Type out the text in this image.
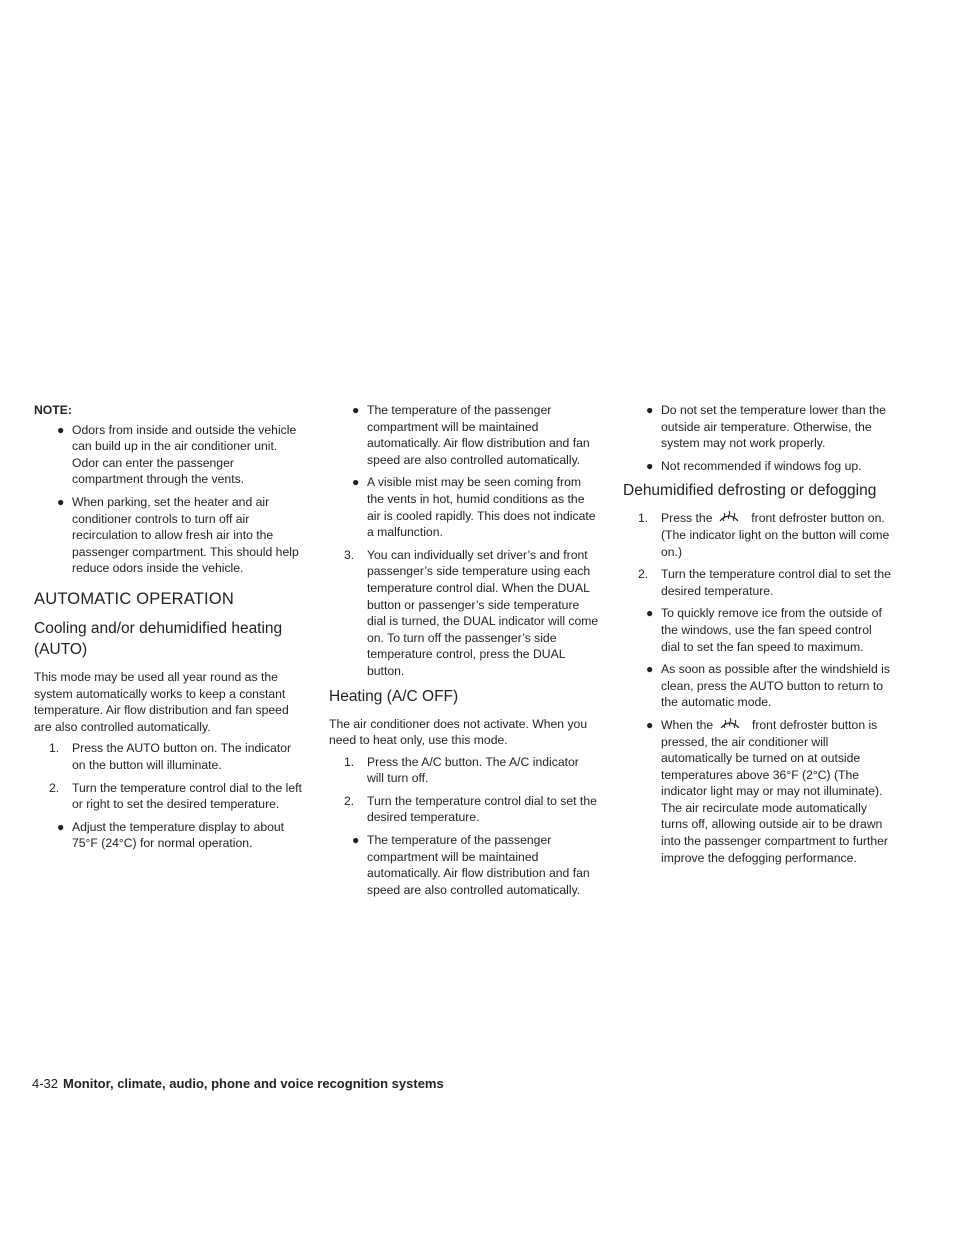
NOTE:
● Odors from inside and outside the vehicle can build up in the air conditioner unit. Odor can enter the passenger compartment through the vents.
● When parking, set the heater and air conditioner controls to turn off air recirculation to allow fresh air into the passenger compartment. This should help reduce odors inside the vehicle.
AUTOMATIC OPERATION
Cooling and/or dehumidified heating (AUTO)
This mode may be used all year round as the system automatically works to keep a constant temperature. Air flow distribution and fan speed are also controlled automatically.
1. Press the AUTO button on. The indicator on the button will illuminate.
2. Turn the temperature control dial to the left or right to set the desired temperature.
● Adjust the temperature display to about 75°F (24°C) for normal operation.
● The temperature of the passenger compartment will be maintained automatically. Air flow distribution and fan speed are also controlled automatically.
● A visible mist may be seen coming from the vents in hot, humid conditions as the air is cooled rapidly. This does not indicate a malfunction.
3. You can individually set driver’s and front passenger’s side temperature using each temperature control dial. When the DUAL button or passenger’s side temperature dial is turned, the DUAL indicator will come on. To turn off the passenger’s side temperature control, press the DUAL button.
Heating (A/C OFF)
The air conditioner does not activate. When you need to heat only, use this mode.
1. Press the A/C button. The A/C indicator will turn off.
2. Turn the temperature control dial to set the desired temperature.
● The temperature of the passenger compartment will be maintained automatically. Air flow distribution and fan speed are also controlled automatically.
● Do not set the temperature lower than the outside air temperature. Otherwise, the system may not work properly.
● Not recommended if windows fog up.
Dehumidified defrosting or defogging
1. Press the	front defroster button on. (The indicator light on the button will come on.)
2. Turn the temperature control dial to set the desired temperature.
● To quickly remove ice from the outside of the windows, use the fan speed control dial to set the fan speed to maximum.
● As soon as possible after the windshield is clean, press the AUTO button to return to the automatic mode.
● When the	front defroster button is pressed, the air conditioner will automatically be turned on at outside temperatures above 36°F (2°C) (The indicator light may or may not illuminate). The air recirculate mode automatically turns off, allowing outside air to be drawn into the passenger compartment to further improve the defogging performance.
4-32 Monitor, climate, audio, phone and voice recognition systems
